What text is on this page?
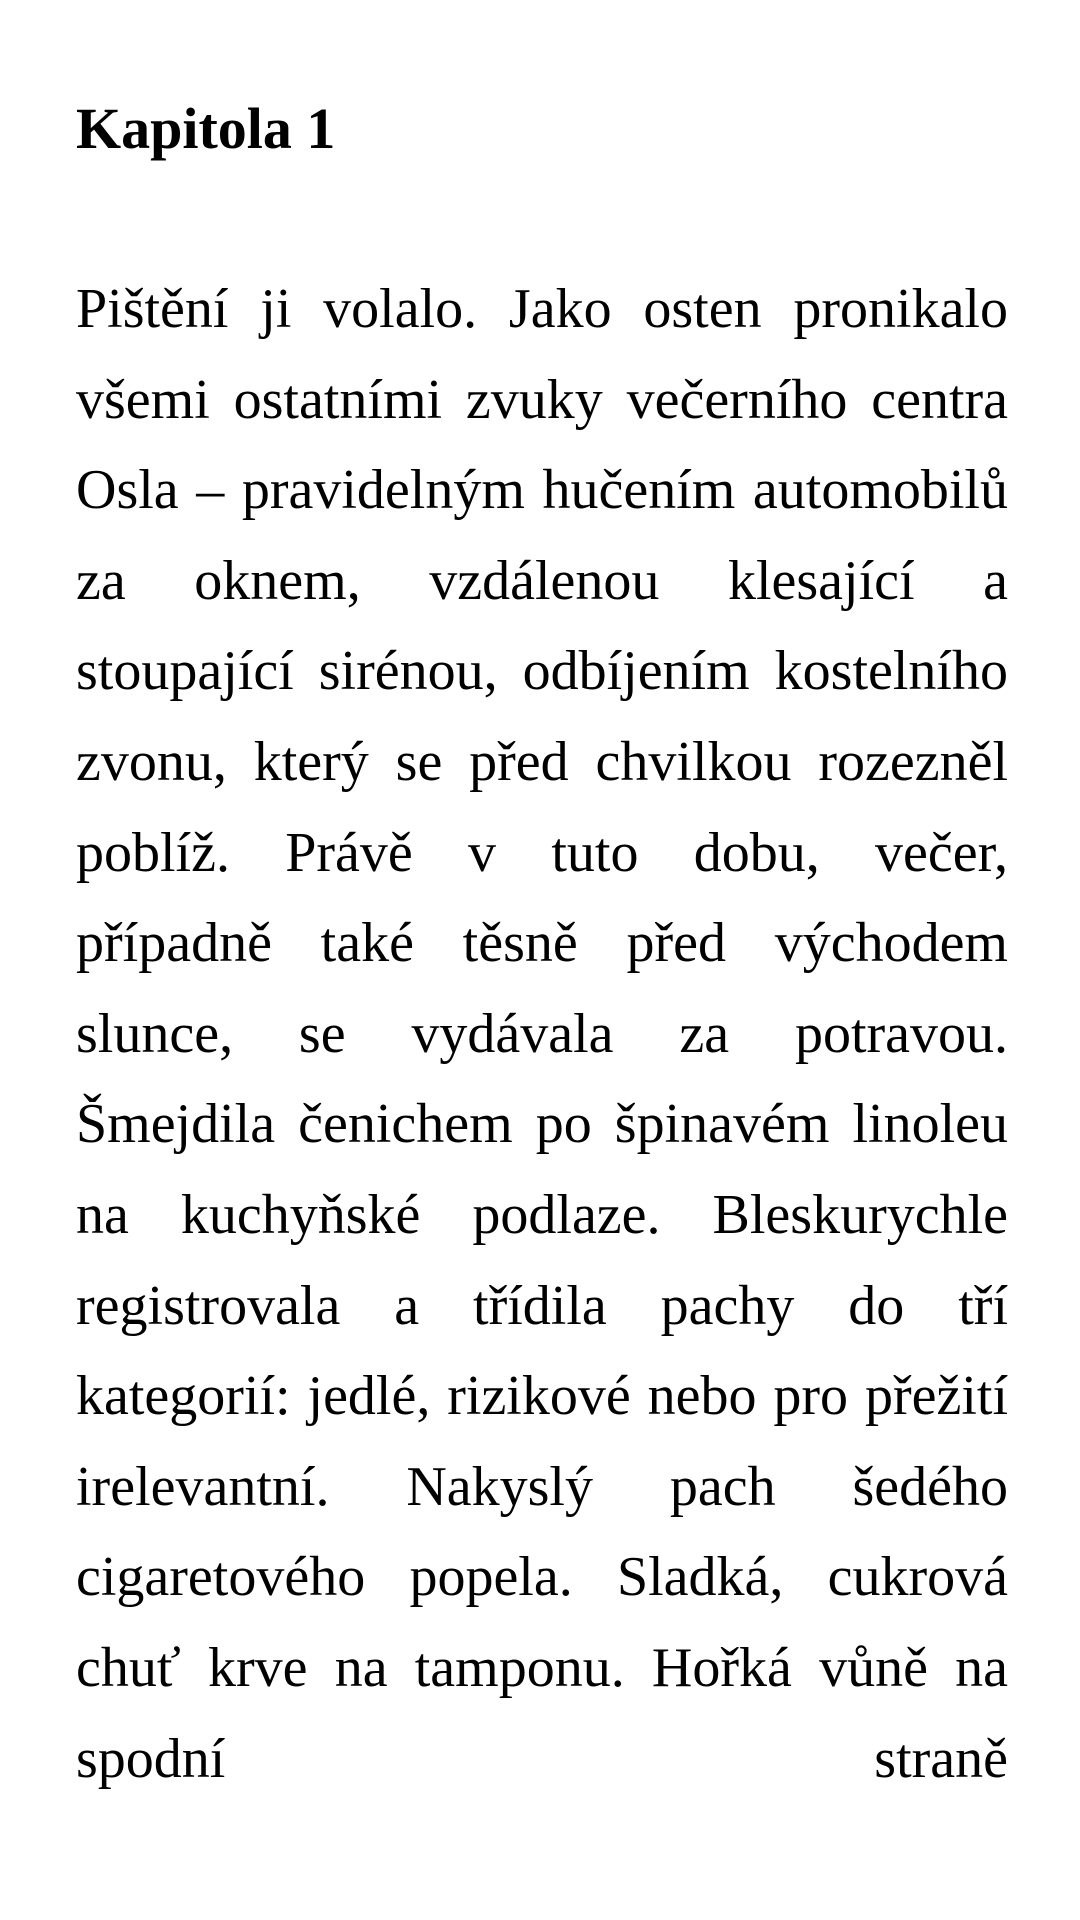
Kapitola 1

Pištění ji volalo. Jako osten pronikalo všemi ostatními zvuky večerního centra Osla – pravidelným hučením automobilů za oknem, vzdálenou klesající a stoupající sirénou, odbíjením kostelního zvonu, který se před chvilkou rozezněl poblíž. Právě v tuto dobu, večer, případně také těsně před východem slunce, se vydávala za potravou. Šmejdila čenichem po špinavém linoleu na kuchyňské podlaze. Bleskurychle registrovala a třídila pachy do tří kategorií: jedlé, rizikové nebo pro přežití irelevantní. Nakyslý pach šedého cigaretového popela. Sladká, cukrová chuť krve na tamponu. Hořká vůně na spodní straně
